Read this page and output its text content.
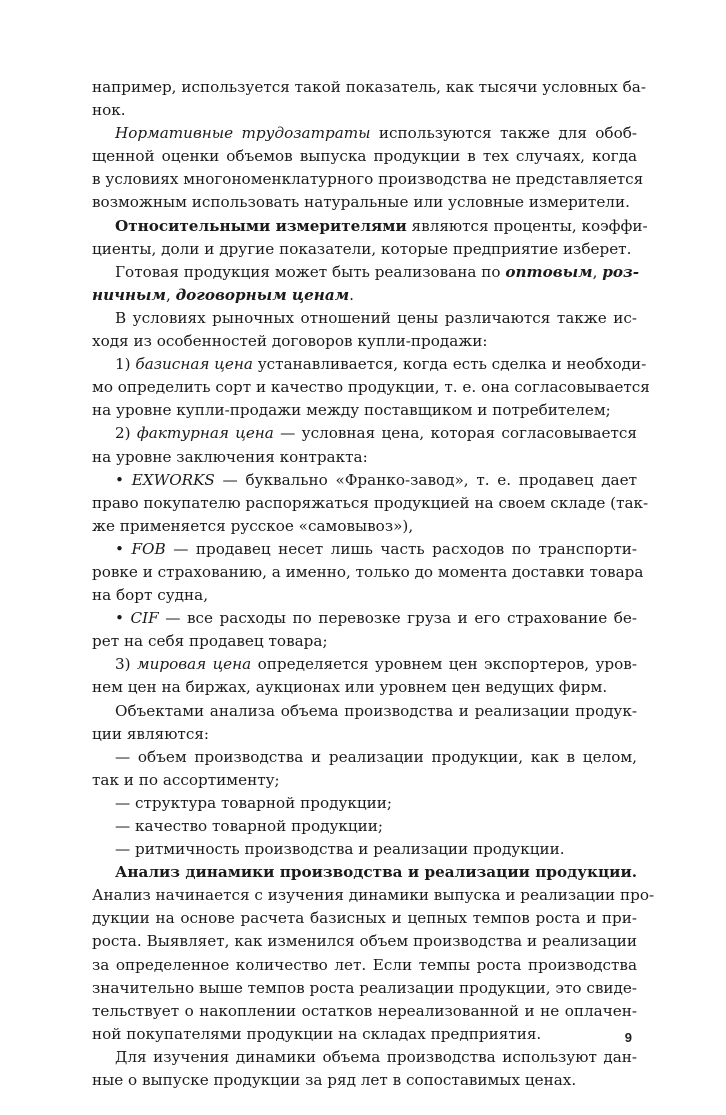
например, используется такой показатель, как тысячи условных ба-
нок.
Нормативные трудозатраты используются также для обоб-
щенной оценки объемов выпуска продукции в тех случаях, когда
в условиях многономенклатурного производства не представляется
возможным использовать натуральные или условные измерители.
Относительными измерителями являются проценты, коэффи-
циенты, доли и другие показатели, которые предприятие изберет.
Готовая продукция может быть реализована по оптовым, роз-
ничным, договорным ценам.
В условиях рыночных отношений цены различаются также ис-
ходя из особенностей договоров купли-продажи:
1) базисная цена устанавливается, когда есть сделка и необходи-
мо определить сорт и качество продукции, т. е. она согласовывается
на уровне купли-продажи между поставщиком и потребителем;
2) фактурная цена — условная цена, которая согласовывается
на уровне заключения контракта:
• EXWORKS — буквально «Франко-завод», т. е. продавец дает
право покупателю распоряжаться продукцией на своем складе (так-
же применяется русское «самовывоз»),
• FOB — продавец несет лишь часть расходов по транспорти-
ровке и страхованию, а именно, только до момента доставки товара
на борт судна,
• CIF — все расходы по перевозке груза и его страхование бе-
рет на себя продавец товара;
3) мировая цена определяется уровнем цен экспортеров, уров-
нем цен на биржах, аукционах или уровнем цен ведущих фирм.
Объектами анализа объема производства и реализации продук-
ции являются:
— объем производства и реализации продукции, как в целом,
так и по ассортименту;
— структура товарной продукции;
— качество товарной продукции;
— ритмичность производства и реализации продукции.
Анализ динамики производства и реализации продукции.
Анализ начинается с изучения динамики выпуска и реализации про-
дукции на основе расчета базисных и цепных темпов роста и при-
роста. Выявляет, как изменился объем производства и реализации
за определенное количество лет. Если темпы роста производства
значительно выше темпов роста реализации продукции, это свиде-
тельствует о накоплении остатков нереализованной и не оплачен-
ной покупателями продукции на складах предприятия.
Для изучения динамики объема производства используют дан-
ные о выпуске продукции за ряд лет в сопоставимых ценах.
9
